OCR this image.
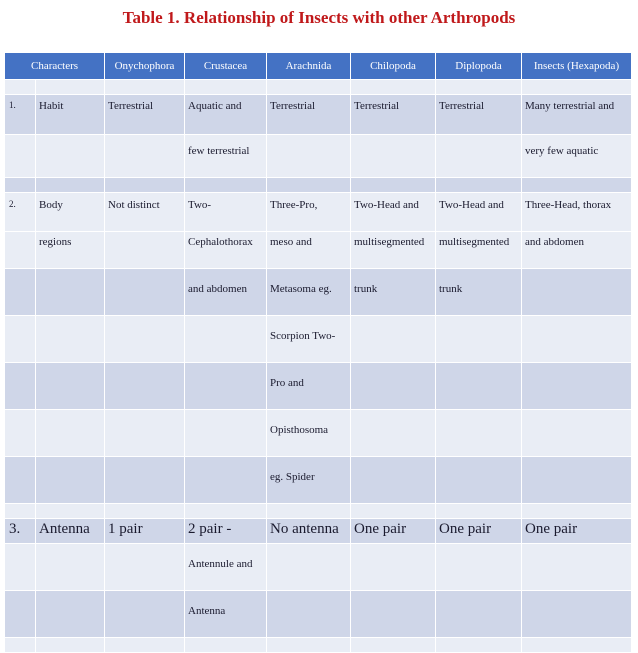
Table 1. Relationship of Insects with other Arthropods
Characters		Onychophora	Crustacea	Arachnida	Chilopoda	Diplopoda	Insects (Hexapoda)

1.	Habit	Terrestrial	Aquatic and	Terrestrial	Terrestrial	Terrestrial	Many terrestrial and
			few terrestrial				very few aquatic

2.	Body	Not distinct	Two-	Three-Pro,	Two-Head and	Two-Head and	Three-Head, thorax
	regions		Cephalothorax	meso and	multisegmented	multisegmented	and abdomen
			and abdomen	Metasoma eg.	trunk	trunk	
				Scorpion Two-			
				Pro and			
				Opisthosoma			
				eg. Spider			

3.	Antenna	1 pair	2 pair -	No antenna	One pair	One pair	One pair
			Antennule and				
			Antenna				
